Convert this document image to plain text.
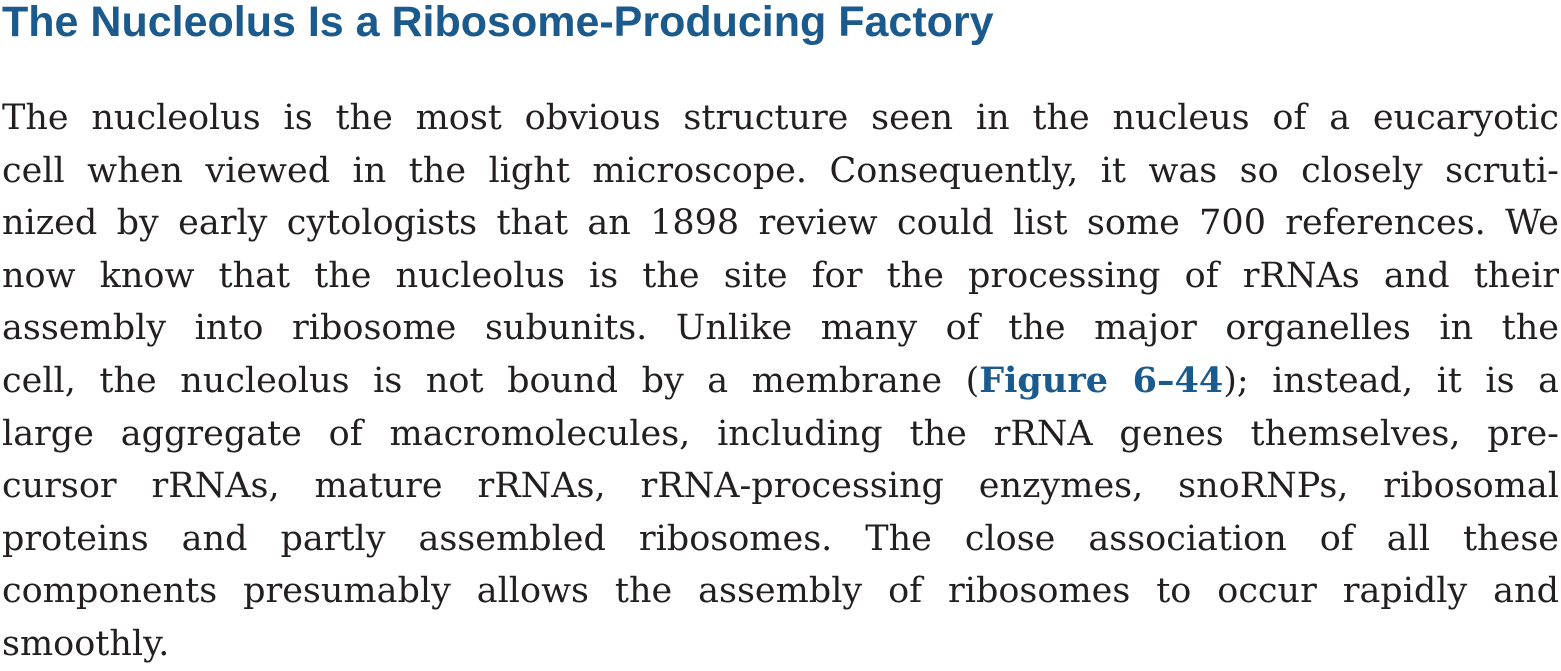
The Nucleolus Is a Ribosome-Producing Factory
The nucleolus is the most obvious structure seen in the nucleus of a eucaryotic
cell when viewed in the light microscope. Consequently, it was so closely scruti-
nized by early cytologists that an 1898 review could list some 700 references. We
now know that the nucleolus is the site for the processing of rRNAs and their
assembly into ribosome subunits. Unlike many of the major organelles in the
cell, the nucleolus is not bound by a membrane (Figure 6–44); instead, it is a
large aggregate of macromolecules, including the rRNA genes themselves, pre-
cursor rRNAs, mature rRNAs, rRNA-processing enzymes, snoRNPs, ribosomal
proteins and partly assembled ribosomes. The close association of all these
components presumably allows the assembly of ribosomes to occur rapidly and
smoothly.
